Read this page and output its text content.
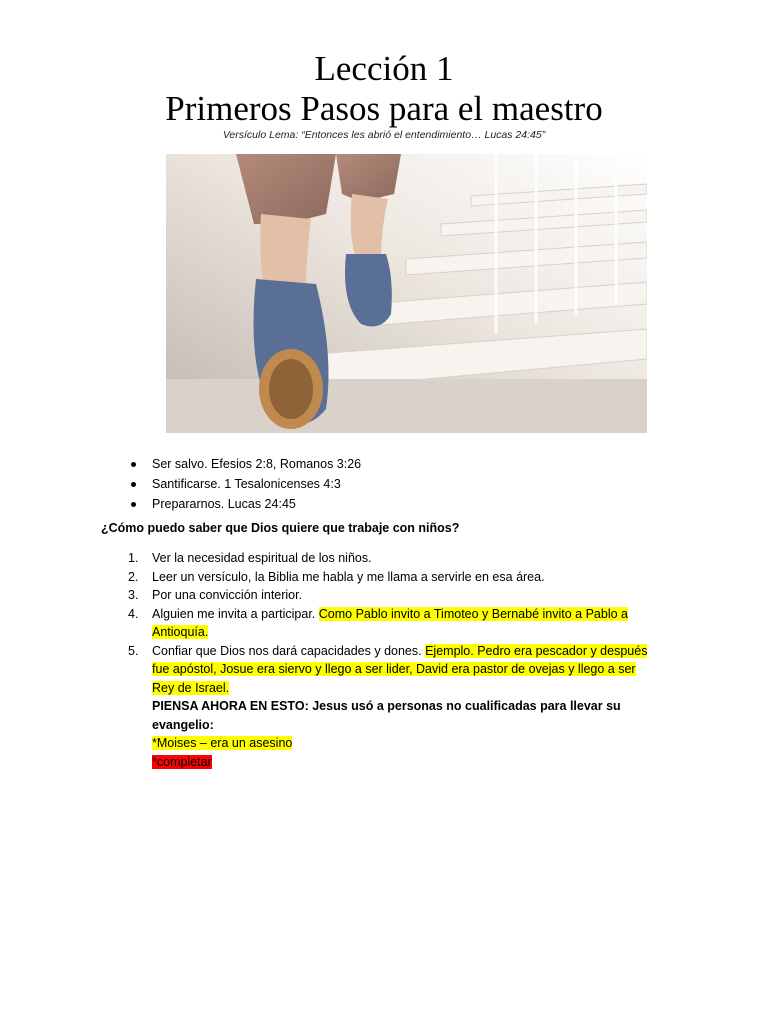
Lección 1
Primeros Pasos para el maestro
Versículo Lema: “Entonces les abrió el entendimiento… Lucas 24:45”
Ser salvo. Efesios 2:8, Romanos 3:26
Santificarse. 1 Tesalonicenses 4:3
Prepararnos. Lucas 24:45

¿Cómo puedo saber que Dios quiere que trabaje con niños?

1. Ver la necesidad espiritual de los niños.
2. Leer un versículo, la Biblia me habla y me llama a servirle en esa área.
3. Por una convicción interior.
4. Alguien me invita a participar. Como Pablo invito a Timoteo y Bernabé invito a Pablo a Antioquía.
5. Confiar que Dios nos dará capacidades y dones. Ejemplo. Pedro era pescador y después fue apóstol, Josue era siervo y llego a ser lider, David era pastor de ovejas y llego a ser Rey de Israel.
PIENSA AHORA EN ESTO: Jesus usó a personas no cualificadas para llevar su evangelio:
*Moises – era un asesino
*completar
